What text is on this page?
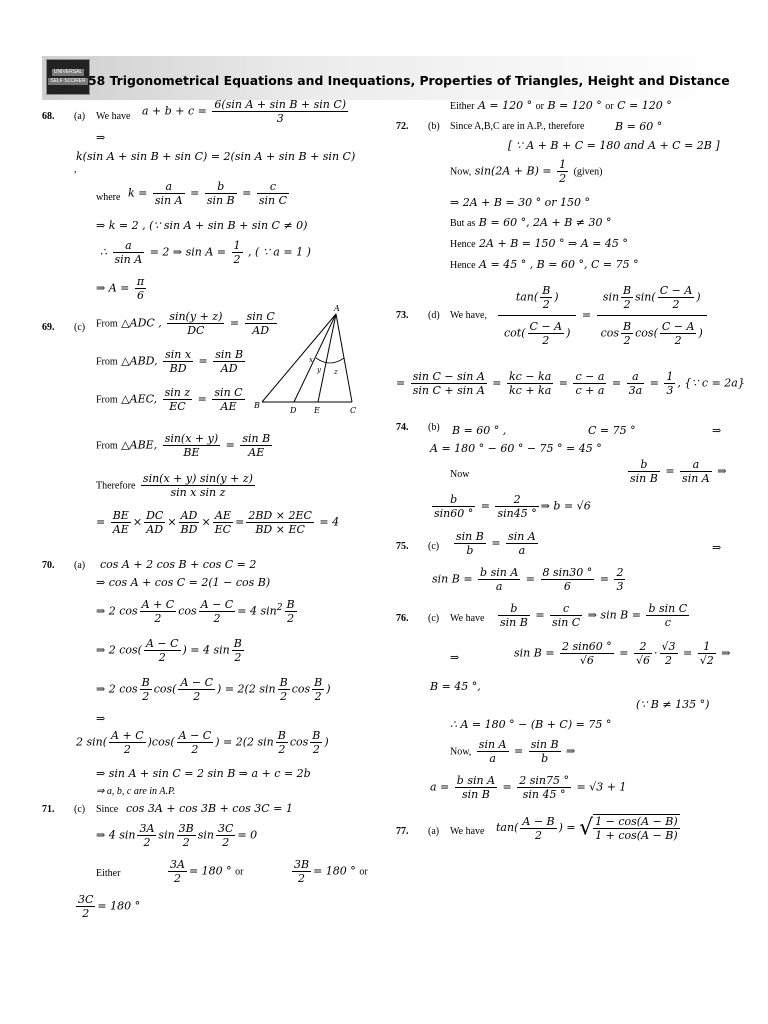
UNIVERSAL
SELF SCORER 58 Trigonometrical Equations and Inequations, Properties of Triangles, Height and Distance
68. (a) We have $a + b + c = \frac{\text{6(sin A + sin B + sin C)}}{3}$
⇒
k(sin A + sin B + sin C) = 2(sin A + sin B + sin C)
,
where $k = \frac{a}{\text{sin A}} = \frac{b}{\text{sin B}} = \frac{c}{\text{sin C}}$
⇒ k = 2 , (∵ sin A + sin B + sin C ≠ 0)
∴ $\frac{a}{\text{sin A}} = 2$ ⇒ $\sin A = \frac{1}{2}$ , ( ∵ a = 1 )
⇒ $A = \frac{\pi}{6}$
69. (c) From △ADC , $\frac{\sin(y + z)}{DC} = \frac{\text{sin C}}{AD}$
From △ABD, $\frac{\text{sin x}}{BD} = \frac{\text{sin B}}{AD}$
From △AEC, $\frac{\text{sin z}}{EC} = \frac{\text{sin C}}{AE}$
A
B
D E	C
x
y z
From △ABE, $\frac{\sin(x + y)}{BE} = \frac{\text{sin B}}{AE}$
Therefore $\frac{\sin(x + y) \sin(y + z)}{\text{sin x sin z}}$
= $\frac{BE}{AE} \times \frac{DC}{AD} \times \frac{AD}{BD} \times \frac{AE}{EC} = \frac{2BD \times 2EC}{BD \times EC} = 4$
70. (a) cos A + 2 cos B + cos C = 2
⇒ cos A + cos C = 2(1 − cos B)
⇒ 2 $\cos \frac{A + C}{2}$ $\cos \frac{A - C}{2} = 4$ $\sin^2 \frac{B}{2}$
⇒ 2 $\cos( \frac{A - C}{2}$ ) = 4 $\sin \frac{B}{2}$
⇒ 2 $\cos \frac{B}{2} \cos( \frac{A - C}{2}$ ) = 2(2 $\sin \frac{B}{2}$ $\cos \frac{B}{2}$ )
⇒
2 $\sin( \frac{A + C}{2} )\cos( \frac{A - C}{2}$ ) = 2(2 $\sin \frac{B}{2}$ $\cos \frac{B}{2}$ )
⇒ sin A + sin C = 2 sin B ⇒ a + c = 2b
⇒ a, b, c are in A.P.
71. (c) Since cos 3A + cos 3B + cos 3C = 1
⇒ 4 $\sin \frac{3A}{2}$ $\sin \frac{3B}{2}$ $\sin \frac{3C}{2} = 0$
Either	$\frac{3A}{2} = 180$ ° or	$\frac{3B}{2} = 180$ ° or
$\frac{3C}{2} = 180$ °
Either A = 120 ° or B = 120 ° or C = 120 °
72. (b) Since A,B,C are in A.P., therefore	B = 60 °
[ ∵ A + B + C = 180 and A + C = 2B ]
Now, $\sin(2A + B) = \frac{1}{2}$ (given)
⇒ 2A + B = 30 ° or 150 °
But as B = 60 °, 2A + B ≠ 30 °
Hence 2A + B = 150 ° ⇒ A = 45 °
Hence A = 45 ° , B = 60 °, C = 75 °
73. (d) We have, $\frac{\tan( \frac{B}{2} )}{\cot( \frac{C - A}{2} )} = \frac{\sin \frac{B}{2} \sin( \frac{C - A}{2} )}{\cos \frac{B}{2} \cos( \frac{C - A}{2} )}$
= $\frac{\text{sin C − sin A}}{\text{sin C + sin A}} = \frac{kc - ka}{kc + ka} = \frac{c - a}{c + a} = \frac{a}{3a} = \frac{1}{3}$ , {∵ c = 2a}
74. (b) B = 60 ° ,	C = 75 °	⇒
A = 180 ° − 60 ° − 75 ° = 45 °
Now	$\frac{b}{\text{sin B}} = \frac{a}{\text{sin A}}$ ⇒
$\frac{b}{\sin 60 ^\circ} = \frac{2}{\sin 45 ^\circ}$ ⇒ b = √6
75. $(c) \frac{\text{sin B}}{b} = \frac{\text{sin A}}{a}$	⇒
$\sin B = \frac{\text{b sin A}}{a} = \frac{8 \sin 30 ^\circ}{6} = \frac{2}{3}$
76. (c) We have $\frac{b}{\text{sin B}} = \frac{c}{\text{sin C}}$ ⇒ $\sin B = \frac{\text{b sin C}}{c}$
⇒	$\sin B = \frac{2 \sin 60 ^\circ}{√6} = \frac{2}{√6} \cdot \frac{√3}{2} = \frac{1}{√2}$ ⇒
B = 45 °,
(∵ B ≠ 135 °)
∴ A = 180 ° − (B + C) = 75 °
Now, $\frac{\text{sin A}}{a} = \frac{\text{sin B}}{b}$ ⇒
$a = \frac{\text{b sin A}}{\text{sin B}} = \frac{2 \sin 75 ^\circ}{\sin 45 ^\circ} = √3 + 1$
77. (a) We have $\tan( \frac{A - B}{2}$ ) = √ $\frac{1 - \cos(A - B)}{1 + \cos(A - B)}$
